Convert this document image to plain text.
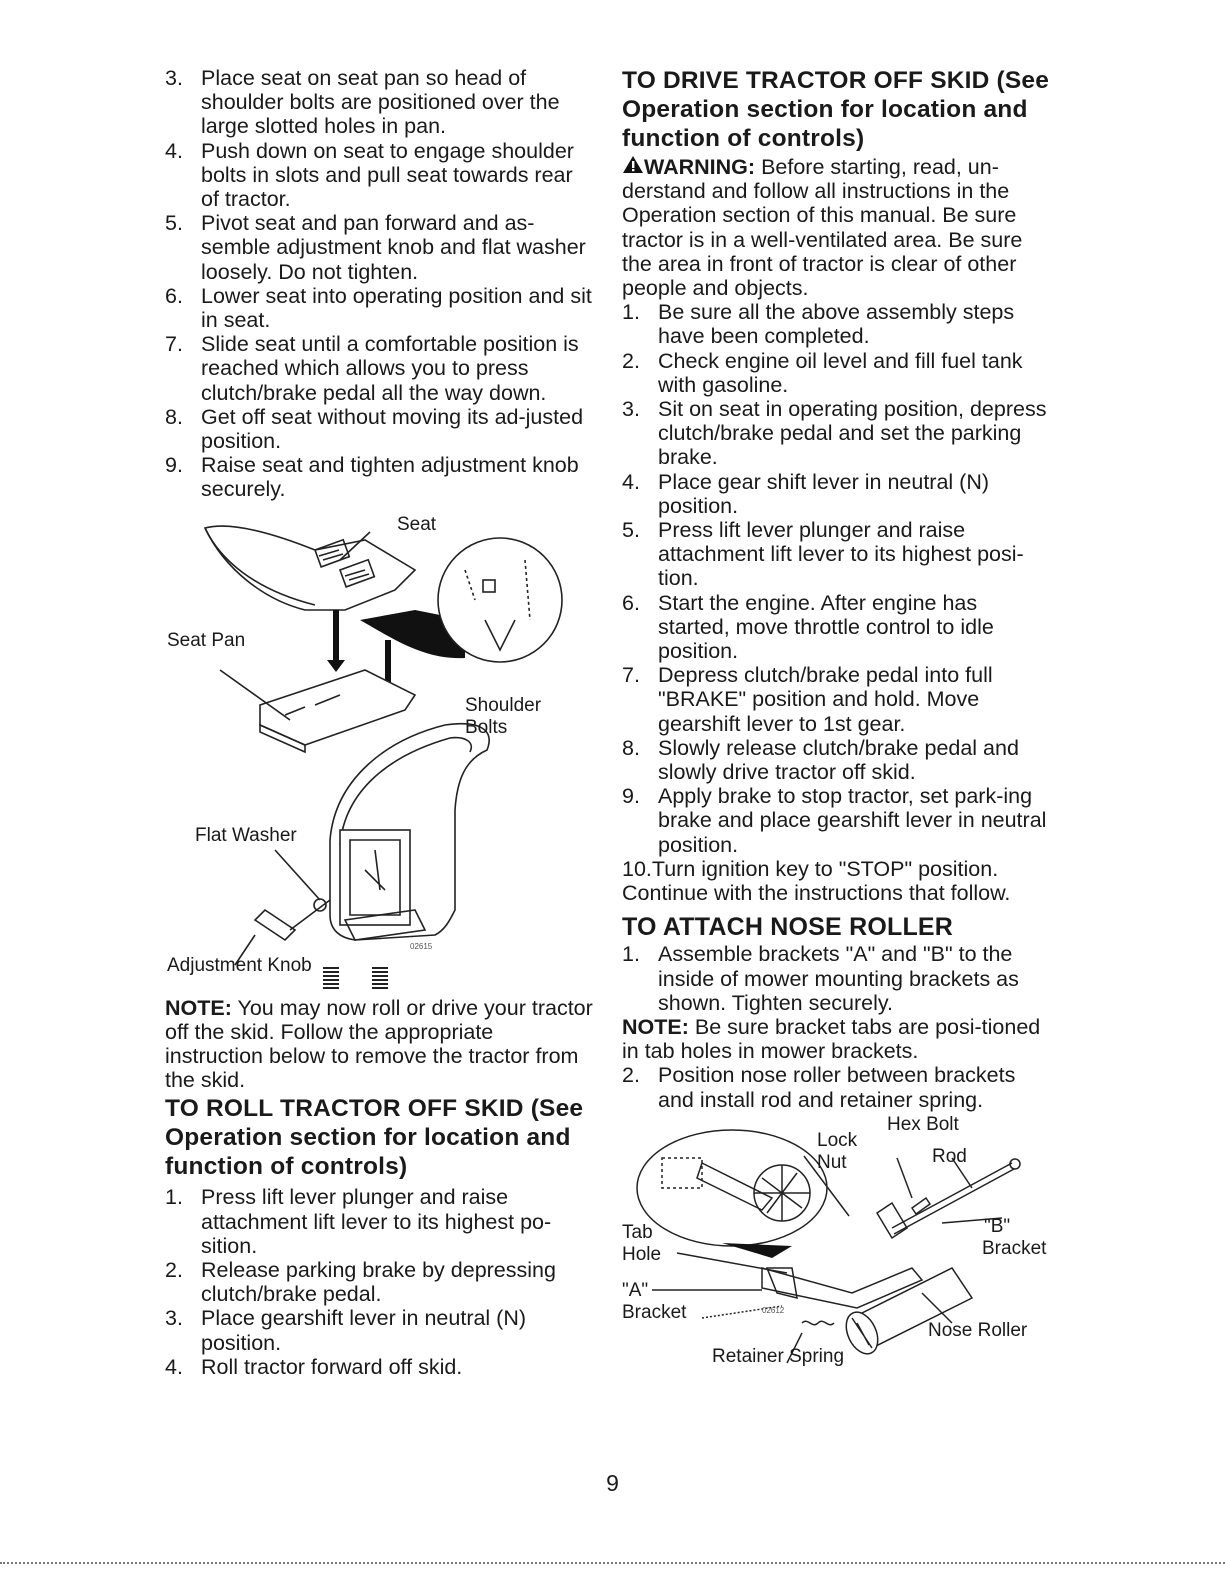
3. Place seat on seat pan so head of shoulder bolts are positioned over the large slotted holes in pan.
4. Push down on seat to engage shoulder bolts in slots and pull seat towards rear of tractor.
5. Pivot seat and pan forward and as-semble adjustment knob and flat washer loosely. Do not tighten.
6. Lower seat into operating position and sit in seat.
7. Slide seat until a comfortable position is reached which allows you to press clutch/brake pedal all the way down.
8. Get off seat without moving its ad-justed position.
9. Raise seat and tighten adjustment knob securely.
Seat
Seat Pan
Shoulder
Bolts
Flat Washer
Adjustment Knob
02615

NOTE: You may now roll or drive your tractor off the skid. Follow the appropriate instruction below to remove the tractor from the skid.

TO ROLL TRACTOR OFF SKID (See Operation section for location and function of controls)
1. Press lift lever plunger and raise attachment lift lever to its highest po-sition.
2. Release parking brake by depressing clutch/brake pedal.
3. Place gearshift lever in neutral (N) position.
4. Roll tractor forward off skid.
TO DRIVE TRACTOR OFF SKID (See Operation section for location and function of controls)

WARNING: Before starting, read, un-derstand and follow all instructions in the Operation section of this manual. Be sure tractor is in a well-ventilated area. Be sure the area in front of tractor is clear of other people and objects.

1. Be sure all the above assembly steps have been completed.
2. Check engine oil level and fill fuel tank with gasoline.
3. Sit on seat in operating position, depress clutch/brake pedal and set the parking brake.
4. Place gear shift lever in neutral (N) position.
5. Press lift lever plunger and raise attachment lift lever to its highest posi-tion.
6. Start the engine. After engine has started, move throttle control to idle position.
7. Depress clutch/brake pedal into full "BRAKE" position and hold. Move gearshift lever to 1st gear.
8. Slowly release clutch/brake pedal and slowly drive tractor off skid.
9. Apply brake to stop tractor, set park-ing brake and place gearshift lever in neutral position.

10.Turn ignition key to "STOP" position.

Continue with the instructions that follow.

TO ATTACH NOSE ROLLER
1. Assemble brackets "A" and "B" to the inside of mower mounting brackets as shown. Tighten securely.

NOTE: Be sure bracket tabs are posi-tioned in tab holes in mower brackets.

2. Position nose roller between brackets and install rod and retainer spring.
Lock
Nut
Hex Bolt
Rod
"B"
Bracket
Tab
Hole
"A"
Bracket
Nose Roller
Retainer Spring
02612
9
